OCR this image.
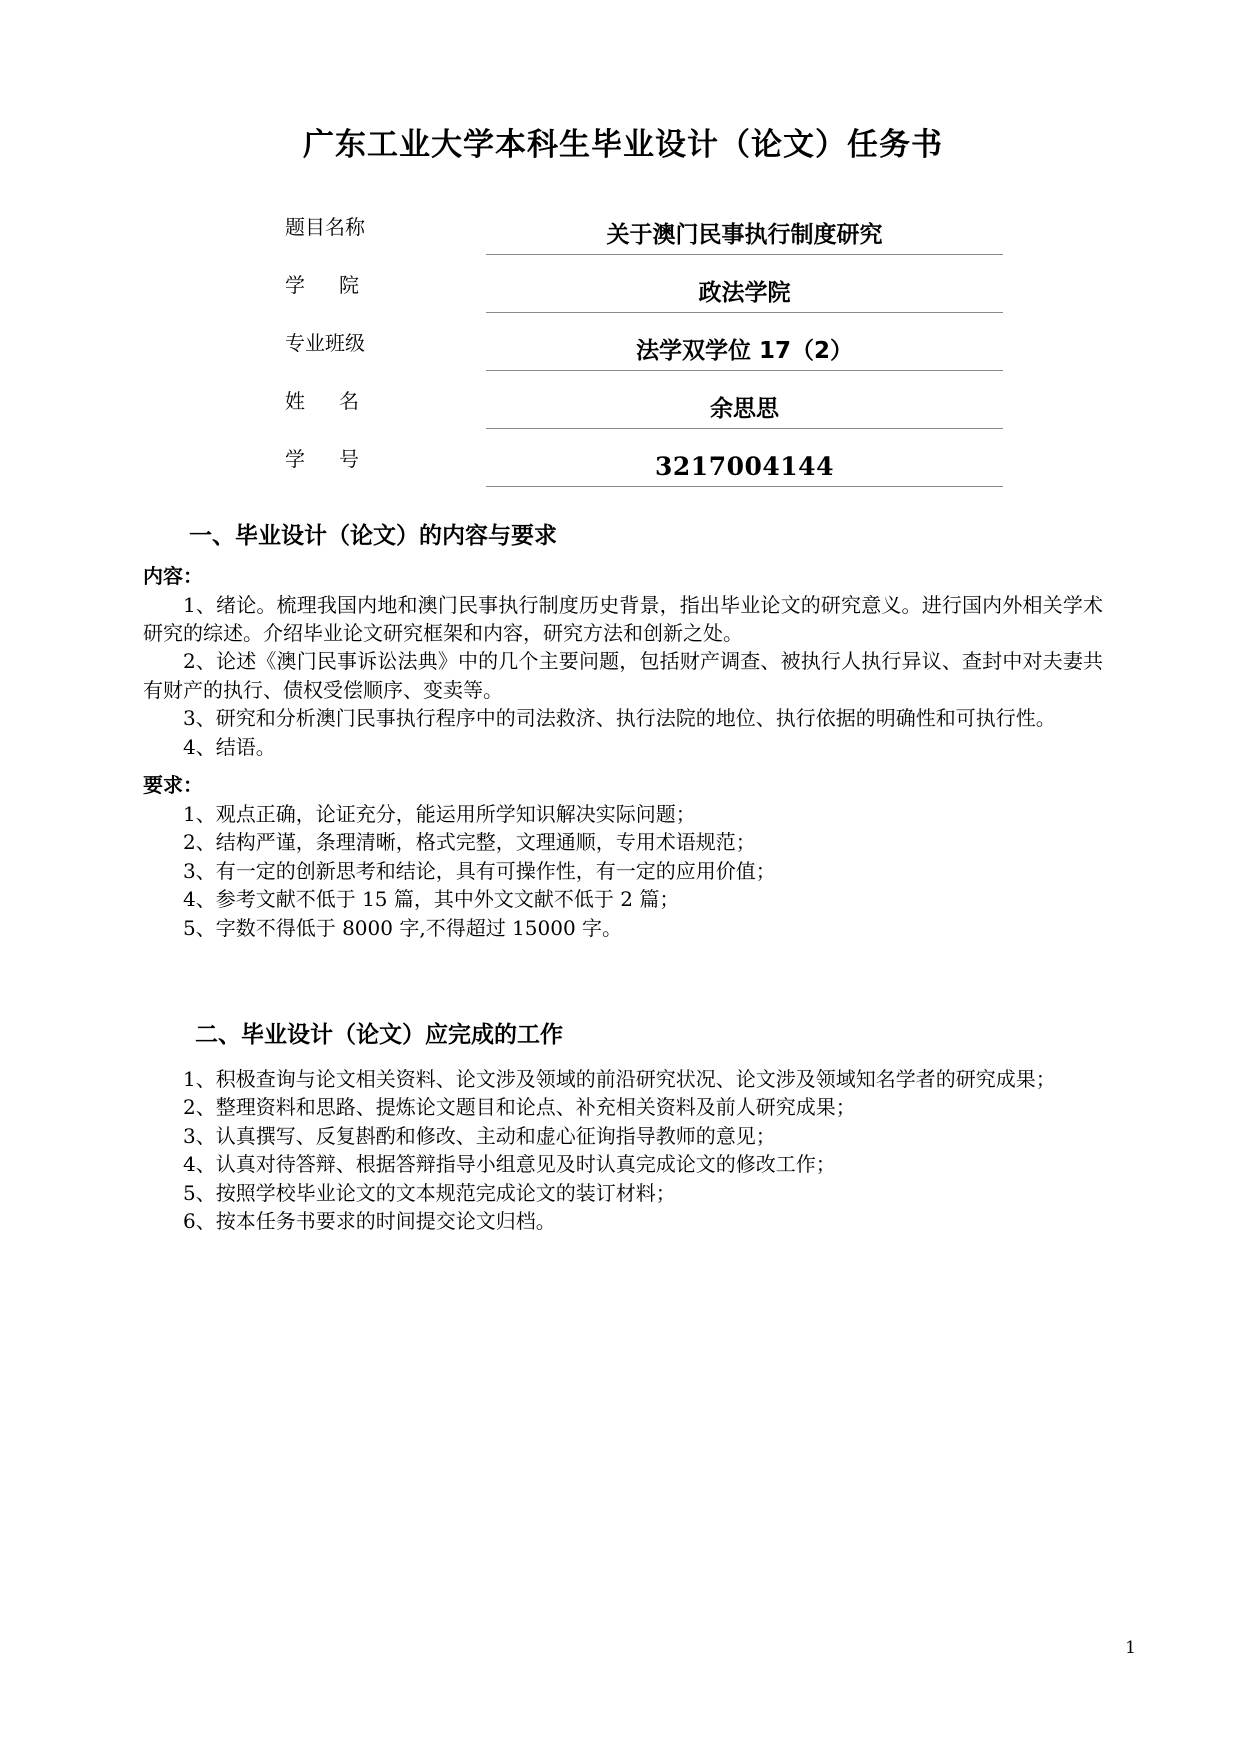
广东工业大学本科生毕业设计（论文）任务书
题目名称	关于澳门民事执行制度研究
学 院	政法学院
专业班级	法学双学位 17（2）
姓 名	余思思
学 号	3217004144
一、毕业设计（论文）的内容与要求
内容：

1、绪论。梳理我国内地和澳门民事执行制度历史背景，指出毕业论文的研究意义。进行国内外相关学术研究的综述。介绍毕业论文研究框架和内容，研究方法和创新之处。

2、论述《澳门民事诉讼法典》中的几个主要问题，包括财产调查、被执行人执行异议、查封中对夫妻共有财产的执行、债权受偿顺序、变卖等。

3、研究和分析澳门民事执行程序中的司法救济、执行法院的地位、执行依据的明确性和可执行性。

4、结语。

要求：

1、观点正确，论证充分，能运用所学知识解决实际问题；

2、结构严谨，条理清晰，格式完整，文理通顺，专用术语规范；

3、有一定的创新思考和结论，具有可操作性，有一定的应用价值；

4、参考文献不低于 15 篇，其中外文文献不低于 2 篇；

5、字数不得低于 8000 字,不得超过 15000 字。

二、毕业设计（论文）应完成的工作

1、积极查询与论文相关资料、论文涉及领域的前沿研究状况、论文涉及领域知名学者的研究成果；

2、整理资料和思路、提炼论文题目和论点、补充相关资料及前人研究成果；

3、认真撰写、反复斟酌和修改、主动和虚心征询指导教师的意见；

4、认真对待答辩、根据答辩指导小组意见及时认真完成论文的修改工作；

5、按照学校毕业论文的文本规范完成论文的装订材料；

6、按本任务书要求的时间提交论文归档。

1
